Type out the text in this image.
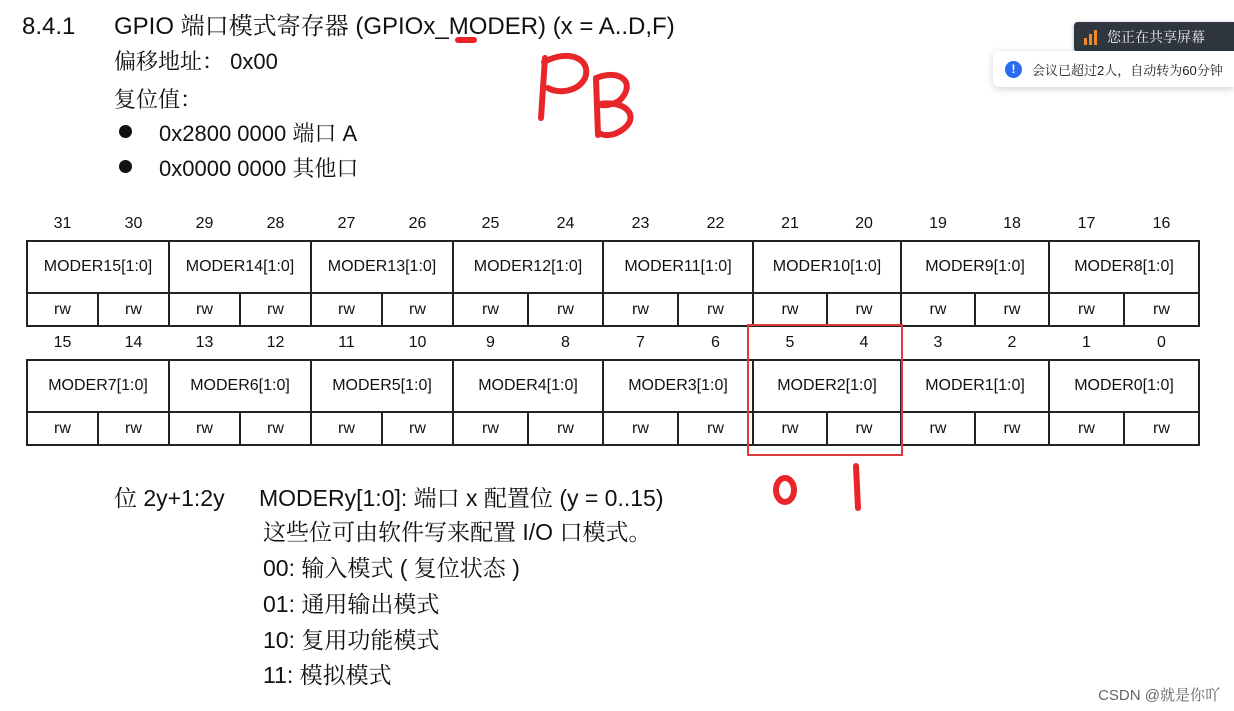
8.4.1 GPIO 端口模式寄存器 (GPIOx_MODER) (x = A..D,F)
偏移地址： 0x00
复位值：
0x2800 0000 端口 A
0x0000 0000 其他口
31	30	29	28	27	26	25	24	23	22	21	20	19	18	17	16
MODER15[1:0]		MODER14[1:0]		MODER13[1:0]		MODER12[1:0]		MODER11[1:0]		MODER10[1:0]		MODER9[1:0]		MODER8[1:0]	
rw	rw	rw	rw	rw	rw	rw	rw	rw	rw	rw	rw	rw	rw	rw	rw
15	14	13	12	11	10	9	8	7	6	5	4	3	2	1	0
MODER7[1:0]		MODER6[1:0]		MODER5[1:0]		MODER4[1:0]		MODER3[1:0]		MODER2[1:0]		MODER1[1:0]		MODER0[1:0]	
rw	rw	rw	rw	rw	rw	rw	rw	rw	rw	rw	rw	rw	rw	rw	rw
位 2y+1:2y MODERy[1:0]: 端口 x 配置位 (y = 0..15)
这些位可由软件写来配置 I/O 口模式。
00: 输入模式 ( 复位状态 )
01: 通用输出模式
10: 复用功能模式
11: 模拟模式
您正在共享屏幕
!	会议已超过2人，自动转为60分钟
CSDN @就是你吖
